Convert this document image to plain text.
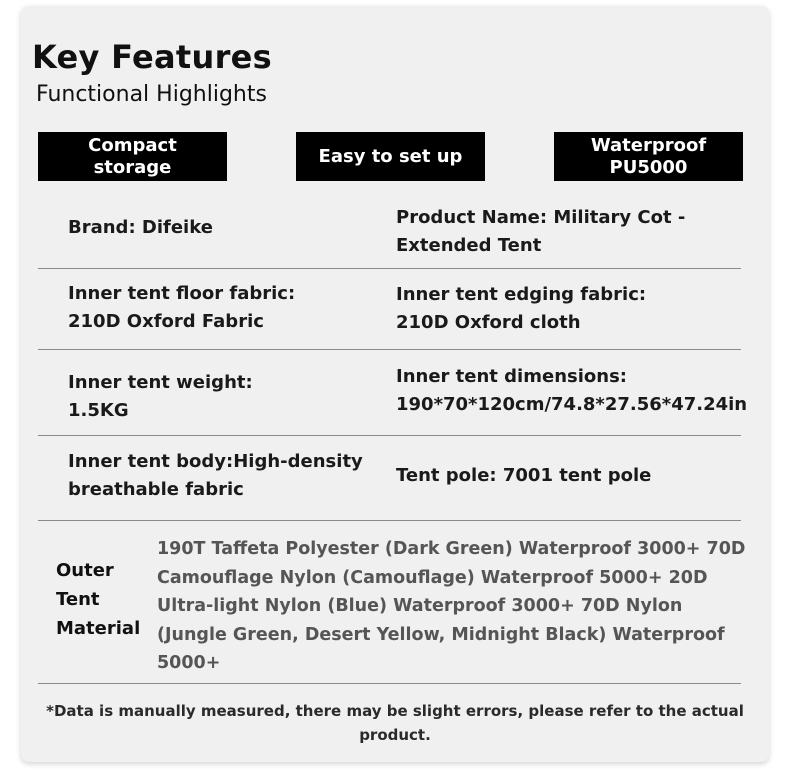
Key Features
Functional Highlights
Compact
storage
Easy to set up
Waterproof
PU5000
Brand: Difeike	Product Name: Military Cot -
Extended Tent
Inner tent floor fabric:
210D Oxford Fabric
Inner tent edging fabric:
210D Oxford cloth
Inner tent weight:
1.5KG
Inner tent dimensions:
190*70*120cm/74.8*27.56*47.24in
Inner tent body:High-density
breathable fabric
Tent pole: 7001 tent pole
Outer
Tent
Material
190T Taffeta Polyester (Dark Green) Waterproof 3000+ 70D Camouflage Nylon (Camouflage) Waterproof 5000+ 20D Ultra-light Nylon (Blue) Waterproof 3000+ 70D Nylon (Jungle Green, Desert Yellow, Midnight Black) Waterproof 5000+
*Data is manually measured, there may be slight errors, please refer to the actual product.
